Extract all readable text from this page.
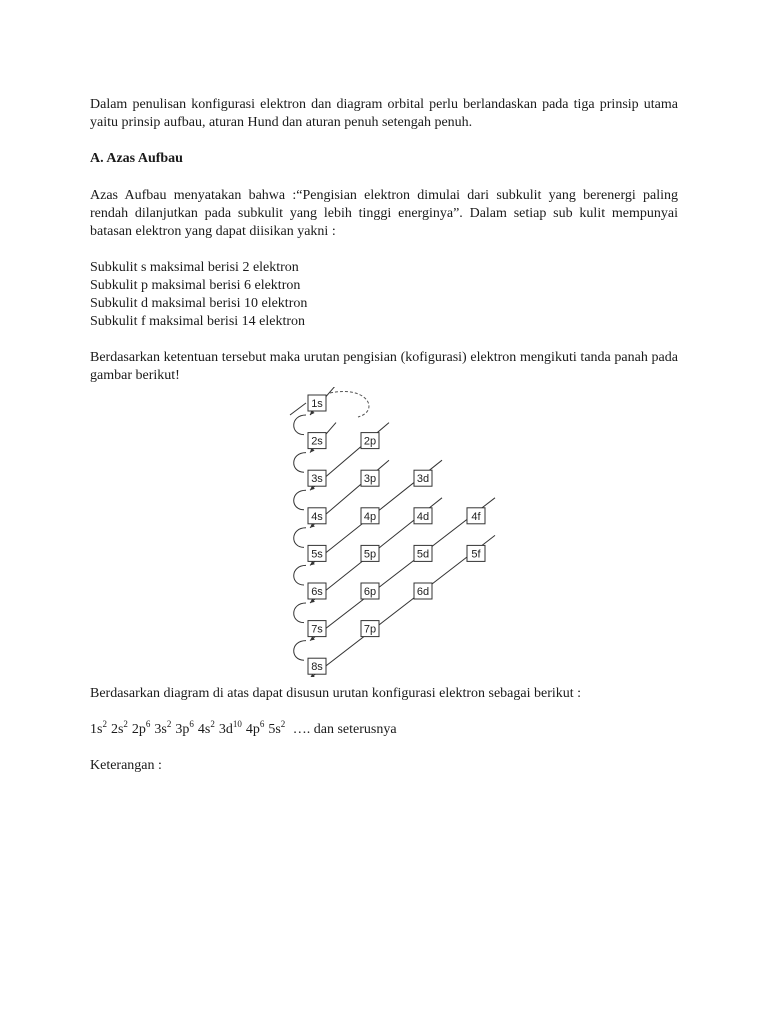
Dalam penulisan konfigurasi elektron dan diagram orbital perlu berlandaskan pada tiga prinsip utama yaitu prinsip aufbau, aturan Hund dan aturan penuh setengah penuh.

A. Azas Aufbau

Azas Aufbau menyatakan bahwa :“Pengisian elektron dimulai dari subkulit yang berenergi paling rendah dilanjutkan pada subkulit yang lebih tinggi energinya”. Dalam setiap sub kulit mempunyai batasan elektron yang dapat diisikan yakni :

Subkulit s maksimal berisi 2 elektron
Subkulit p maksimal berisi 6 elektron
Subkulit d maksimal berisi 10 elektron
Subkulit f maksimal berisi 14 elektron

Berdasarkan ketentuan tersebut maka urutan pengisian (kofigurasi) elektron mengikuti tanda panah pada gambar berikut!

1s
2s	2p
3s	3p	3d
4s	4p	4d	4f
5s	5p	5d	5f
6s	6p	6d
7s	7p
8s

Berdasarkan diagram di atas dapat disusun urutan konfigurasi elektron sebagai berikut :

$1s^2$ $2s^2$ $2p^6$ $3s^2$ $3p^6$ $4s^2$ $3d^{10}$ $4p^6$ $5s^2$ …. dan seterusnya

Keterangan :
